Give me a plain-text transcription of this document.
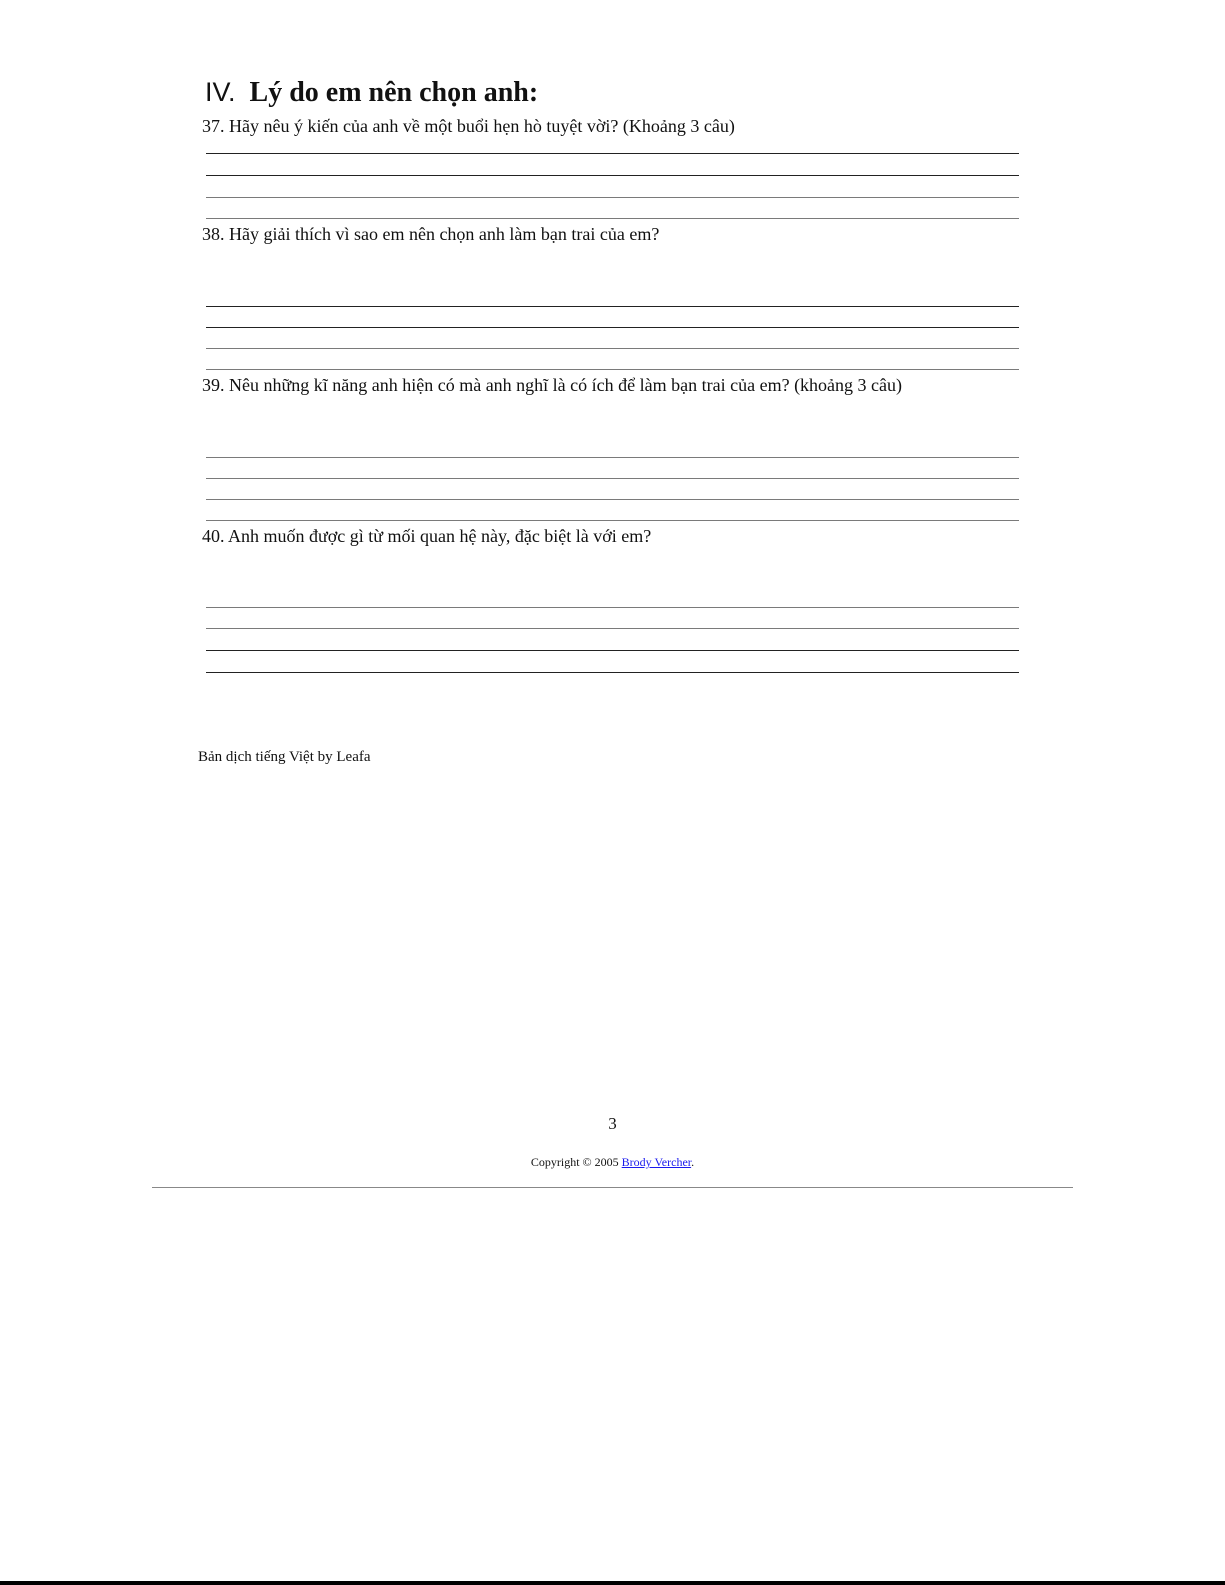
IV. Lý do em nên chọn anh:
37. Hãy nêu ý kiến của anh về một buổi hẹn hò tuyệt vời? (Khoảng 3 câu)
38. Hãy giải thích vì sao em nên chọn anh làm bạn trai của em?
39. Nêu những kĩ năng anh hiện có mà anh nghĩ là có ích để làm bạn trai của em? (khoảng 3 câu)
40. Anh muốn được gì từ mối quan hệ này, đặc biệt là với em?
Bản dịch tiếng Việt by Leafa
3
Copyright © 2005 Brody Vercher.
